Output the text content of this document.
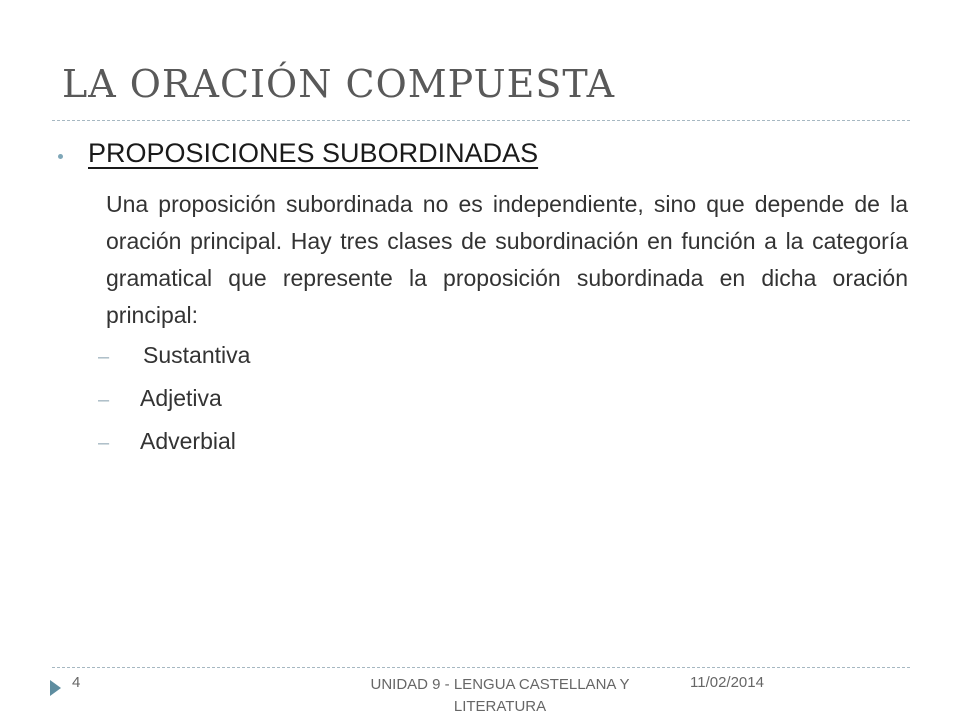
LA ORACIÓN COMPUESTA
PROPOSICIONES SUBORDINADAS

Una proposición subordinada no es independiente, sino que depende de la oración principal. Hay tres clases de subordinación en función a la categoría gramatical que represente la proposición subordinada en dicha oración principal:

– Sustantiva
– Adjetiva
– Adverbial
4	UNIDAD 9 - LENGUA CASTELLANA Y
LITERATURA
11/02/2014
